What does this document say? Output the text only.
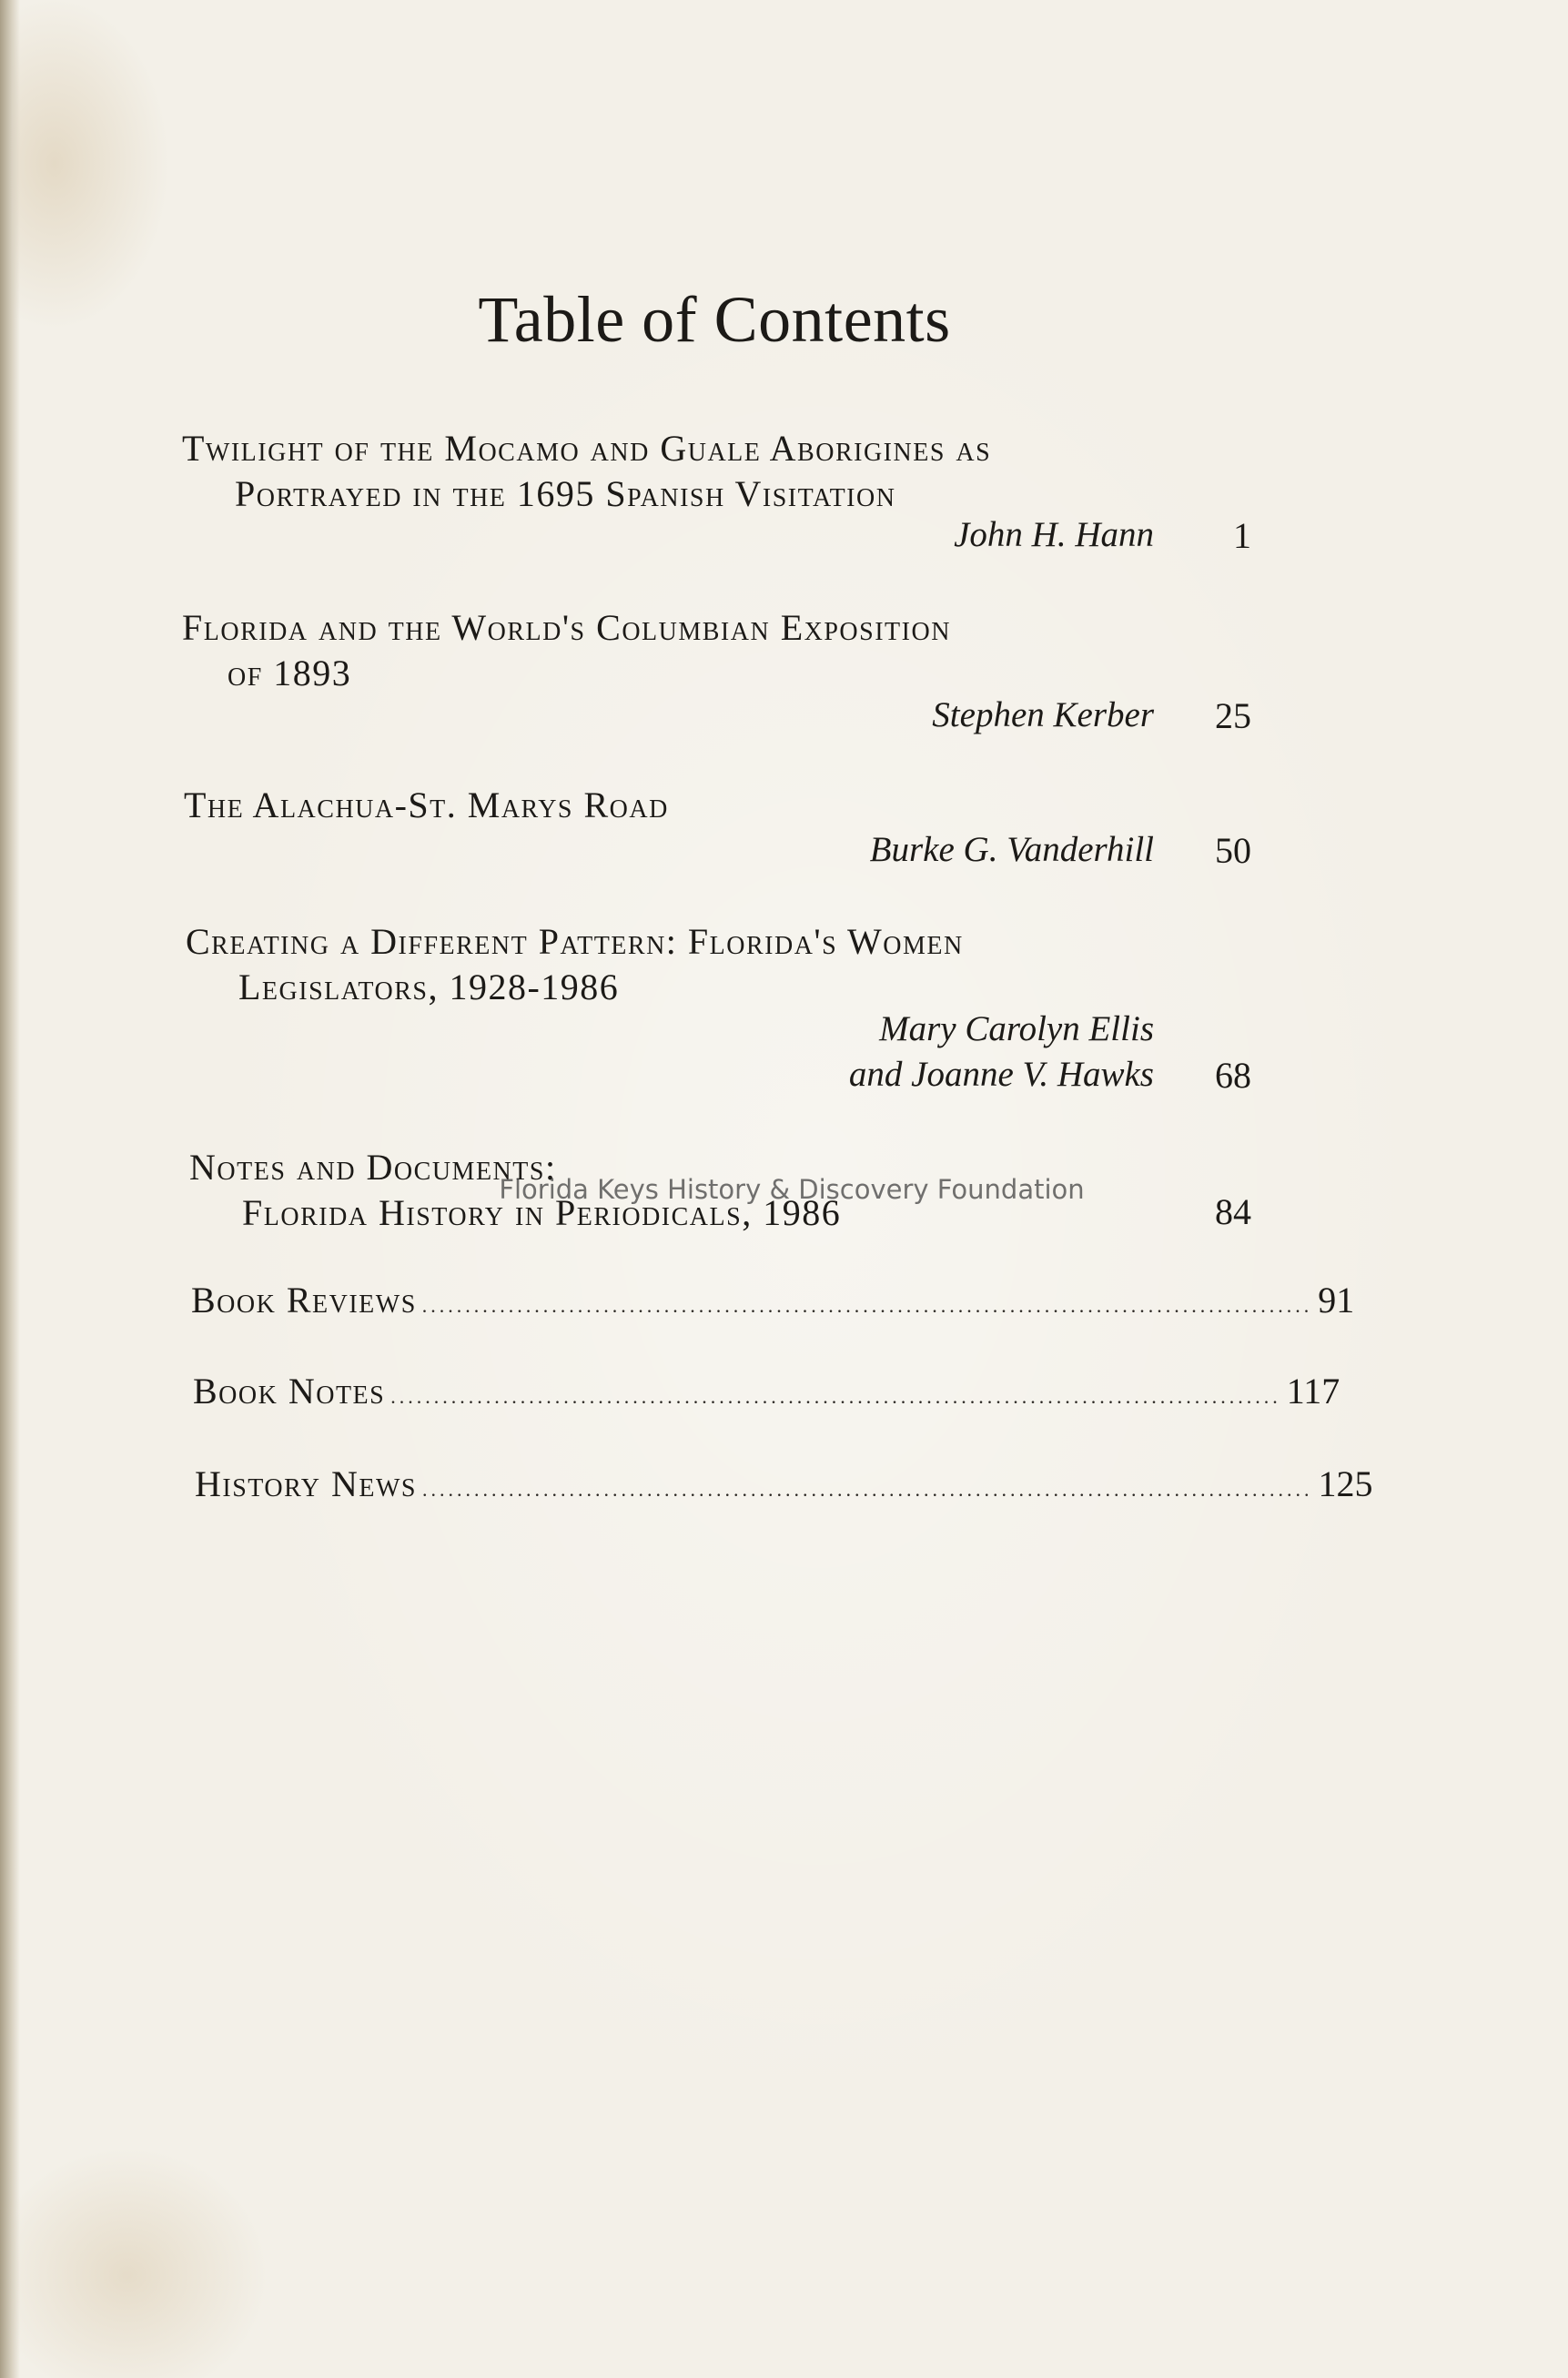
Table of Contents
Twilight of the Mocamo and Guale Aborigines as
Portrayed in the 1695 Spanish Visitation
John H. Hann	1
Florida and the World's Columbian Exposition
of 1893
Stephen Kerber	25
The Alachua-St. Marys Road
Burke G. Vanderhill	50
Creating a Different Pattern: Florida's Women
Legislators, 1928-1986
Mary Carolyn Ellis
and Joanne V. Hawks	68
Notes and Documents:
Florida History in Periodicals, 1986	84
Book Reviews ....................................................................................................... 91
Book Notes ....................................................................................................... 117
History News ....................................................................................................... 125
Florida Keys History & Discovery Foundation
